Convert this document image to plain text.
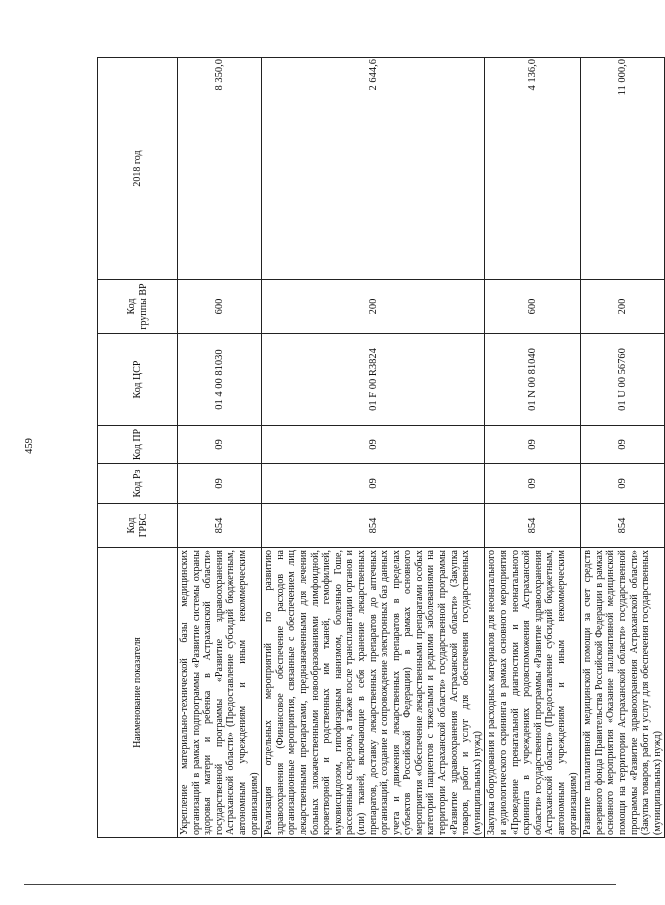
459
Наименование показателя	Код ГРБС	Код Рз	Код ПР	Код ЦСР	Код группы ВР	2018 год
Укрепление материально-технической базы медицинских организаций в рамках подпрограммы «Развитие системы охраны здоровья матери и ребенка в Астраханской области» государственной программы «Развитие здравоохранения Астраханской области» (Предоставление субсидий бюджетным, автономным учреждениям и иным некоммерческим организациям)	854	09	09	01 4 00 81030	600	8 350,0
Реализация отдельных мероприятий по развитию здравоохранения (Финансовое обеспечение расходов на организационные мероприятия, связанные с обеспечением лиц лекарственными препаратами, предназначенными для лечения больных злокачественными новообразованиями лимфоидной, кроветворной и родственных им тканей, гемофилией, муковисцидозом, гипофизарным нанизмом, болезнью Гоше, рассеянным склерозом, а также после трансплантации органов и (или) тканей, включающие в себя хранение лекарственных препаратов, доставку лекарственных препаратов до аптечных организаций, создание и сопровождение электронных баз данных учета и движения лекарственных препаратов в пределах субъектов Российской Федерации) в рамках основного мероприятия «Обеспечение лекарственными препаратами особых категорий пациентов с тяжелыми и редкими заболеваниями на территории Астраханской области» государственной программы «Развитие здравоохранения Астраханской области» (Закупка товаров, работ и услуг для обеспечения государственных (муниципальных) нужд)	854	09	09	01 F 00 R3824	200	2 644,6
Закупка оборудования и расходных материалов для неонатального и аудиологического скрининга в рамках основного мероприятия «Проведение пренатальной диагностики и неонатального скрининга в учреждениях родовспоможения Астраханской области» государственной программы «Развитие здравоохранения Астраханской области» (Предоставление субсидий бюджетным, автономным учреждениям и иным некоммерческим организациям)	854	09	09	01 N 00 81040	600	4 136,0
Развитие паллиативной медицинской помощи за счет средств резервного фонда Правительства Российской Федерации в рамках основного мероприятия «Оказание паллиативной медицинской помощи на территории Астраханской области» государственной программы «Развитие здравоохранения Астраханской области» (Закупка товаров, работ и услуг для обеспечения государственных (муниципальных) нужд)	854	09	09	01 U 00 56760	200	11 000,0
